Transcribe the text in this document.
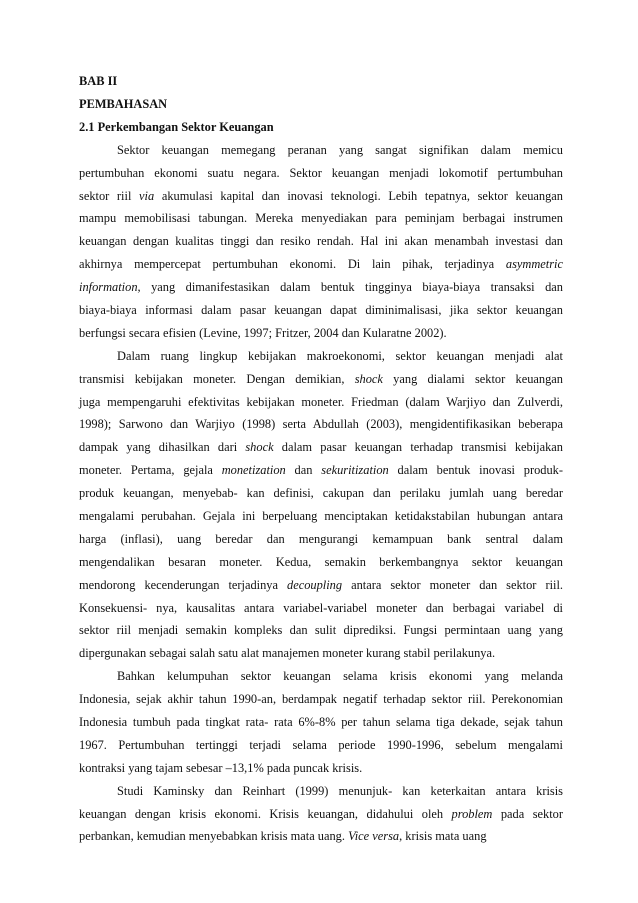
BAB II
PEMBAHASAN
2.1 Perkembangan Sektor Keuangan
Sektor keuangan memegang peranan yang sangat signifikan dalam memicu
pertumbuhan ekonomi suatu negara. Sektor keuangan menjadi lokomotif pertumbuhan
sektor riil via akumulasi kapital dan inovasi teknologi. Lebih tepatnya, sektor keuangan
mampu memobilisasi tabungan. Mereka menyediakan para peminjam berbagai instrumen
keuangan dengan kualitas tinggi dan resiko rendah. Hal ini akan menambah investasi dan
akhirnya mempercepat pertumbuhan ekonomi. Di lain pihak, terjadinya asymmetric
information, yang dimanifestasikan dalam bentuk tingginya biaya-biaya transaksi dan
biaya-biaya informasi dalam pasar keuangan dapat diminimalisasi, jika sektor keuangan
berfungsi secara efisien (Levine, 1997; Fritzer, 2004 dan Kularatne 2002).
Dalam ruang lingkup kebijakan makroekonomi, sektor keuangan menjadi alat
transmisi kebijakan moneter. Dengan demikian, shock yang dialami sektor keuangan
juga mempengaruhi efektivitas kebijakan moneter. Friedman (dalam Warjiyo dan Zulverdi,
1998); Sarwono dan Warjiyo (1998) serta Abdullah (2003), mengidentifikasikan beberapa
dampak yang dihasilkan dari shock dalam pasar keuangan terhadap transmisi kebijakan
moneter. Pertama, gejala monetization dan sekuritization dalam bentuk inovasi produk-
produk keuangan, menyebab- kan definisi, cakupan dan perilaku jumlah uang beredar
mengalami perubahan. Gejala ini berpeluang menciptakan ketidakstabilan hubungan antara
harga (inflasi), uang beredar dan mengurangi kemampuan bank sentral dalam
mengendalikan besaran moneter. Kedua, semakin berkembangnya sektor keuangan
mendorong kecenderungan terjadinya decoupling antara sektor moneter dan sektor riil.
Konsekuensi- nya, kausalitas antara variabel-variabel moneter dan berbagai variabel di
sektor riil menjadi semakin kompleks dan sulit diprediksi. Fungsi permintaan uang yang
dipergunakan sebagai salah satu alat manajemen moneter kurang stabil perilakunya.
Bahkan kelumpuhan sektor keuangan selama krisis ekonomi yang melanda
Indonesia, sejak akhir tahun 1990-an, berdampak negatif terhadap sektor riil. Perekonomian
Indonesia tumbuh pada tingkat rata- rata 6%-8% per tahun selama tiga dekade, sejak tahun
1967. Pertumbuhan tertinggi terjadi selama periode 1990-1996, sebelum mengalami
kontraksi yang tajam sebesar –13,1% pada puncak krisis.
Studi Kaminsky dan Reinhart (1999) menunjuk- kan keterkaitan antara krisis
keuangan dengan krisis ekonomi. Krisis keuangan, didahului oleh problem pada sektor
perbankan, kemudian menyebabkan krisis mata uang. Vice versa, krisis mata uang
